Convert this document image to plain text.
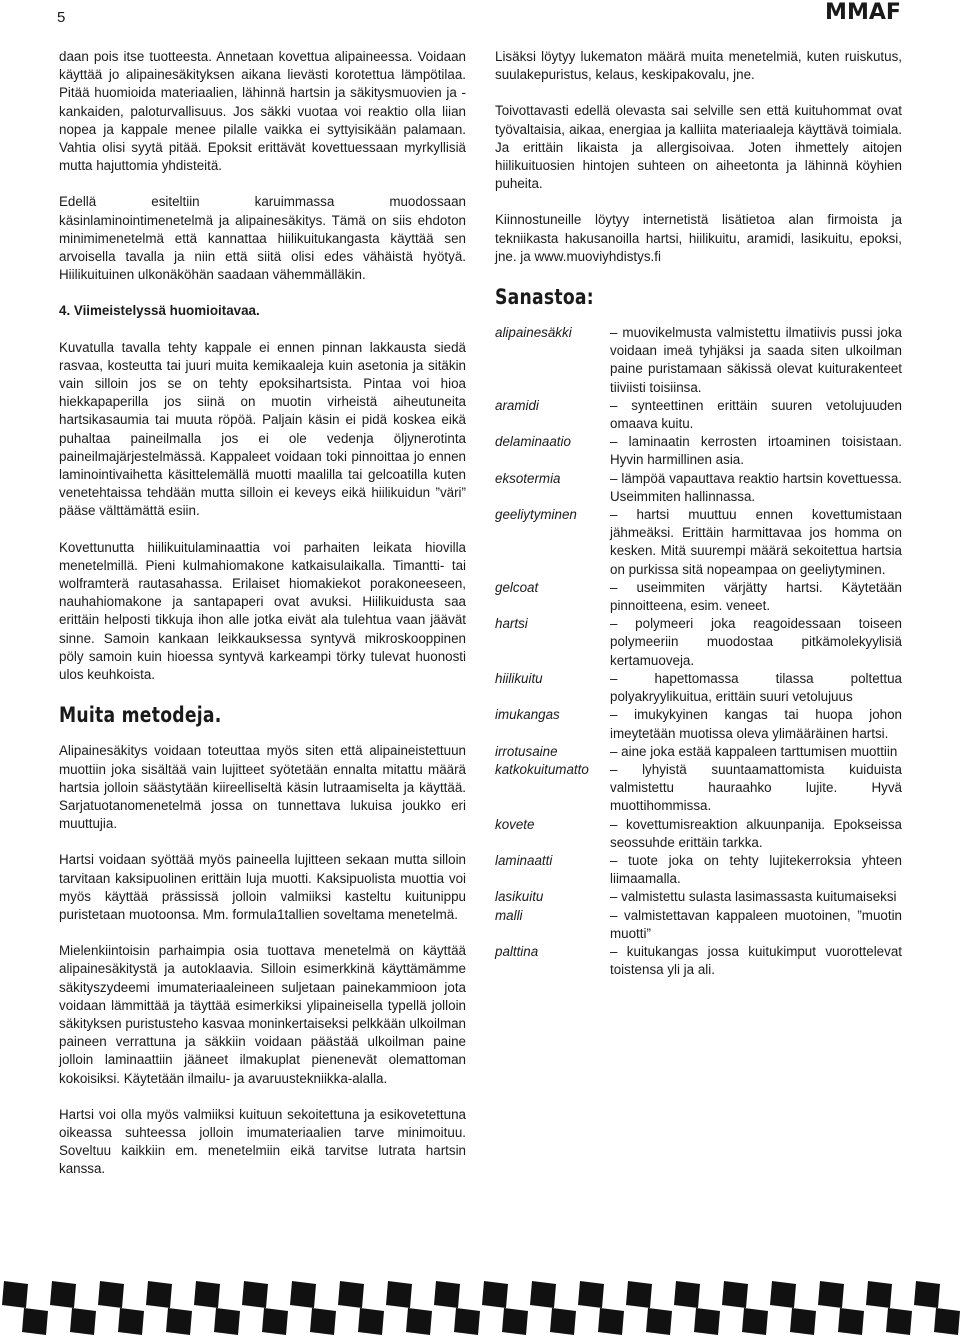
5	MMAF

daan pois itse tuotteesta. Annetaan kovettua alipaineessa. Voidaan käyttää jo alipainesäkityksen aikana lievästi korotettua lämpötilaa. Pitää huomioida materiaalien, lähinnä hartsin ja säkitysmuovien ja -kankaiden, paloturvallisuus. Jos säkki vuotaa voi reaktio olla liian nopea ja kappale menee pilalle vaikka ei syttyisikään palamaan. Vahtia olisi syytä pitää. Epoksit erittävät kovettuessaan myrkyllisiä mutta hajuttomia yhdisteitä.

Edellä esiteltiin karuimmassa muodossaan käsinlaminointimenetelmä ja alipainesäkitys. Tämä on siis ehdoton minimimenetelmä että kannattaa hiilikuitukangasta käyttää sen arvoisella tavalla ja niin että siitä olisi edes vähäistä hyötyä. Hiilikuituinen ulkonäköhän saadaan vähemmälläkin.

4. Viimeistelyssä huomioitavaa.

Kuvatulla tavalla tehty kappale ei ennen pinnan lakkausta siedä rasvaa, kosteutta tai juuri muita kemikaaleja kuin asetonia ja sitäkin vain silloin jos se on tehty epoksihartsista. Pintaa voi hioa hiekkapaperilla jos siinä on muotin virheistä aiheutuneita hartsikasaumia tai muuta röpöä. Paljain käsin ei pidä koskea eikä puhaltaa paineilmalla jos ei ole vedenja öljynerotinta paineilmajärjestelmässä. Kappaleet voidaan toki pinnoittaa jo ennen laminointivaihetta käsittelemällä muotti maalilla tai gelcoatilla kuten venetehtaissa tehdään mutta silloin ei keveys eikä hiilikuidun ”väri” pääse välttämättä esiin.

Kovettunutta hiilikuitulaminaattia voi parhaiten leikata hiovilla menetelmillä. Pieni kulmahiomakone katkaisulaikalla. Timantti- tai wolframterä rautasahassa. Erilaiset hiomakiekot porakoneeseen, nauhahiomakone ja santapaperi ovat avuksi. Hiilikuidusta saa erittäin helposti tikkuja ihon alle jotka eivät ala tulehtua vaan jäävät sinne. Samoin kankaan leikkauksessa syntyvä mikroskooppinen pöly samoin kuin hioessa syntyvä karkeampi törky tulevat huonosti ulos keuhkoista.

Muita metodeja.

Alipainesäkitys voidaan toteuttaa myös siten että alipaineistettuun muottiin joka sisältää vain lujitteet syötetään ennalta mitattu määrä hartsia jolloin säästytään kiireelliseltä käsin lutraamiselta ja käyttää. Sarjatuotanomenetelmä jossa on tunnettava lukuisa joukko eri muuttujia.

Hartsi voidaan syöttää myös paineella lujitteen sekaan mutta silloin tarvitaan kaksipuolinen erittäin luja muotti. Kaksipuolista muottia voi myös käyttää prässissä jolloin valmiiksi kasteltu kuitunippu puristetaan muotoonsa. Mm. formula1tallien soveltama menetelmä.

Mielenkiintoisin parhaimpia osia tuottava menetelmä on käyttää alipainesäkitystä ja autoklaavia. Silloin esimerkkinä käyttämämme säkityszydeemi imumateriaaleineen suljetaan painekammioon jota voidaan lämmittää ja täyttää esimerkiksi ylipaineisella typellä jolloin säkityksen puristusteho kasvaa moninkertaiseksi pelkkään ulkoilman paineen verrattuna ja säkkiin voidaan päästää ulkoilman paine jolloin laminaattiin jääneet ilmakuplat pienenevät olemattoman kokoisiksi. Käytetään ilmailu- ja avaruustekniikka-alalla.

Hartsi voi olla myös valmiiksi kuituun sekoitettuna ja esikovetettuna oikeassa suhteessa jolloin imumateriaalien tarve minimoituu. Soveltuu kaikkiin em. menetelmiin eikä tarvitse lutrata hartsin kanssa.

Lisäksi löytyy lukematon määrä muita menetelmiä, kuten ruiskutus, suulakepuristus, kelaus, keskipakovalu, jne.

Toivottavasti edellä olevasta sai selville sen että kuituhommat ovat työvaltaisia, aikaa, energiaa ja kalliita materiaaleja käyttävä toimiala. Ja erittäin likaista ja allergisoivaa. Joten ihmettely aitojen hiilikuituosien hintojen suhteen on aiheetonta ja lähinnä köyhien puheita.

Kiinnostuneille löytyy internetistä lisätietoa alan firmoista ja tekniikasta hakusanoilla hartsi, hiilikuitu, aramidi, lasikuitu, epoksi, jne. ja www.muoviyhdistys.fi

Sanastoa:
alipainesäkki	– muovikelmusta valmistettu ilmatiivis pussi joka voidaan imeä tyhjäksi ja saada siten ulkoilman paine puristamaan säkissä olevat kuiturakenteet tiiviisti toisiinsa.
aramidi	– synteettinen erittäin suuren vetolujuuden omaava kuitu.
delaminaatio	– laminaatin kerrosten irtoaminen toisistaan. Hyvin harmillinen asia.
eksotermia	– lämpöä vapauttava reaktio hartsin kovettuessa. Useimmiten hallinnassa.
geeliytyminen	– hartsi muuttuu ennen kovettumistaan jähmeäksi. Erittäin harmittavaa jos homma on kesken. Mitä suurempi määrä sekoitettua hartsia on purkissa sitä nopeampaa on geeliytyminen.
gelcoat	– useimmiten värjätty hartsi. Käytetään pinnoitteena, esim. veneet.
hartsi	– polymeeri joka reagoidessaan toiseen polymeeriin muodostaa pitkämolekyylisiä kertamuoveja.
hiilikuitu	– hapettomassa tilassa poltettua polyakryylikuitua, erittäin suuri vetolujuus
imukangas	– imukykyinen kangas tai huopa johon imeytetään muotissa oleva ylimääräinen hartsi.
irrotusaine	– aine joka estää kappaleen tarttumisen muottiin
katkokuitumatto	– lyhyistä suuntaamattomista kuiduista valmistettu hauraahko lujite. Hyvä muottihommissa.
kovete	– kovettumisreaktion alkuunpanija. Epokseissa seossuhde erittäin tarkka.
laminaatti	– tuote joka on tehty lujitekerroksia yhteen liimaamalla.
lasikuitu	– valmistettu sulasta lasimassasta kuitumaiseksi
malli	– valmistettavan kappaleen muotoinen, ”muotin muotti”
palttina	– kuitukangas jossa kuitukimput vuorottelevat toistensa yli ja ali.
